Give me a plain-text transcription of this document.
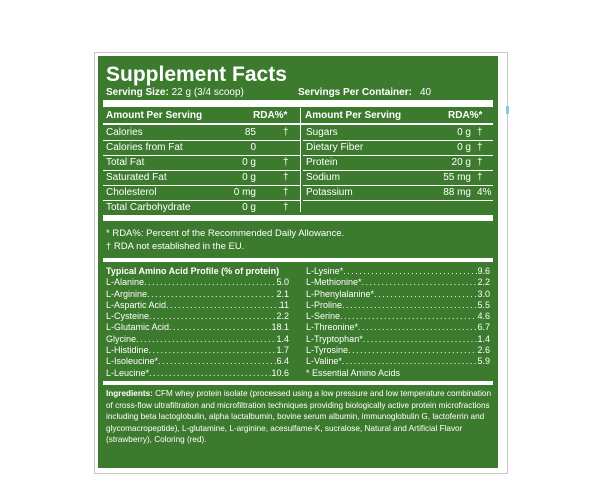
Supplement Facts
Serving Size: 22 g (3/4 scoop)	Servings Per Container: 40
Amount Per Serving	RDA%* Amount Per Serving	RDA%*
Calories	85	†
Calories from Fat	0
Total Fat	0 g	†
Saturated Fat	0 g	†
Cholesterol	0 mg	†
Total Carbohydrate	0 g	†
Sugars	0 g †
Dietary Fiber	0 g †
Protein	20 g †
Sodium	55 mg †
Potassium	88 mg 4%
* RDA%: Percent of the Recommended Daily Allowance.
† RDA not established in the EU.
Typical Amino Acid Profile (% of protein)
L-Alanine . . .	5.0
L-Arginine . . .	2.1
L-Aspartic Acid . . .	11
L-Cysteine . . .	2.2
L-Glutamic Acid . . .	18.1
Glycine . . .	1.4
L-Histidine . . .	1.7
L-Isoleucine* . . .	6.4
L-Leucine* . . .	10.6
L-Lysine* . . .	9.6
L-Methionine* . . .	2.2
L-Phenylalanine* . . .	3.0
L-Proline . . .	5.5
L-Serine . . .	4.6
L-Threonine* . . .	6.7
L-Tryptophan* . . .	1.4
L-Tyrosine . . .	2.6
L-Valine* . . .	5.9
* Essential Amino Acids
Ingredients: CFM whey protein isolate (processed using a low pressure and low temperature combination of cross-flow ultrafiltration and microfiltration techniques providing biologically active protein microfractions including beta lactoglobulin, alpha lactalbumin, bovine serum albumin, immunoglobulin G, lactoferrin and glycomacropeptide), L-glutamine, L-arginine, acesulfame-K, sucralose, Natural and Artificial Flavor (strawberry), Coloring (red).
